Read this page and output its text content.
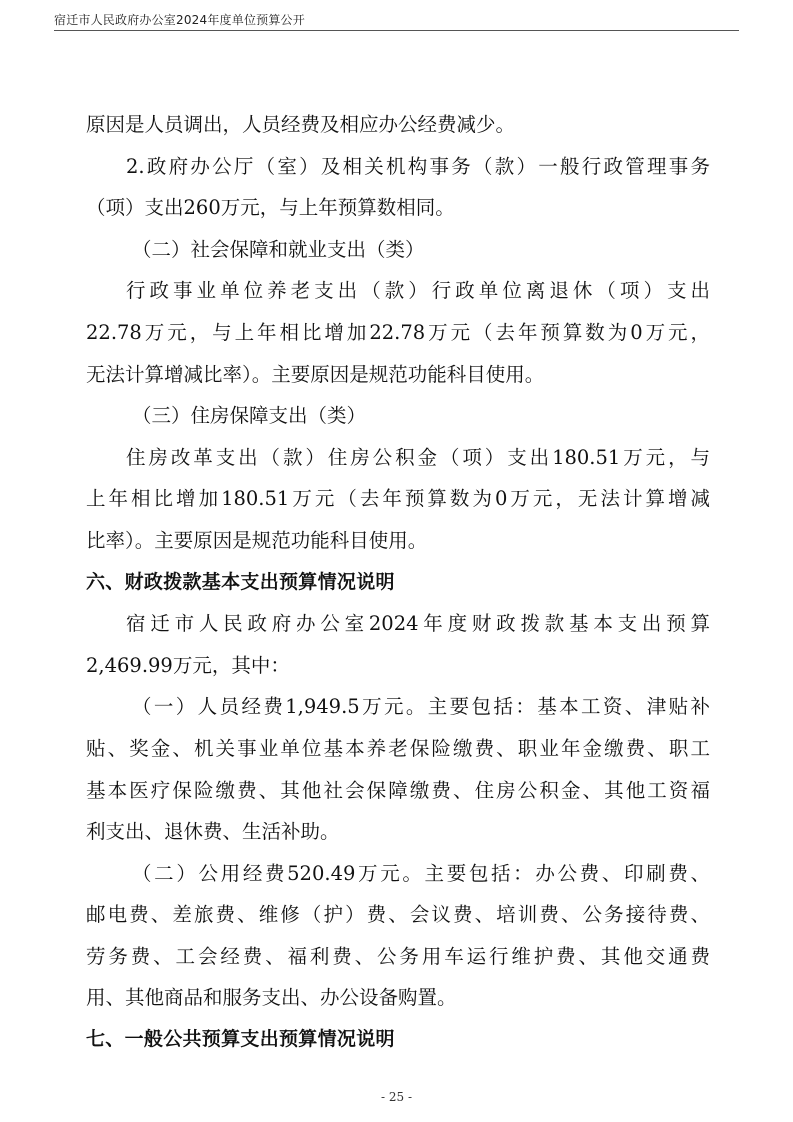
宿迁市人民政府办公室2024年度单位预算公开
原因是人员调出，人员经费及相应办公经费减少。
2.政府办公厅（室）及相关机构事务（款）一般行政管理事务
（项）支出260万元，与上年预算数相同。
（二）社会保障和就业支出（类）
行政事业单位养老支出（款）行政单位离退休（项）支出
22.78万元，与上年相比增加22.78万元（去年预算数为0万元，
无法计算增减比率）。主要原因是规范功能科目使用。
（三）住房保障支出（类）
住房改革支出（款）住房公积金（项）支出180.51万元，与
上年相比增加180.51万元（去年预算数为0万元，无法计算增减
比率）。主要原因是规范功能科目使用。
六、财政拨款基本支出预算情况说明
宿迁市人民政府办公室2024年度财政拨款基本支出预算
2,469.99万元，其中：
（一）人员经费1,949.5万元。主要包括：基本工资、津贴补
贴、奖金、机关事业单位基本养老保险缴费、职业年金缴费、职工
基本医疗保险缴费、其他社会保障缴费、住房公积金、其他工资福
利支出、退休费、生活补助。
（二）公用经费520.49万元。主要包括：办公费、印刷费、
邮电费、差旅费、维修（护）费、会议费、培训费、公务接待费、
劳务费、工会经费、福利费、公务用车运行维护费、其他交通费
用、其他商品和服务支出、办公设备购置。
七、一般公共预算支出预算情况说明
- 25 -
